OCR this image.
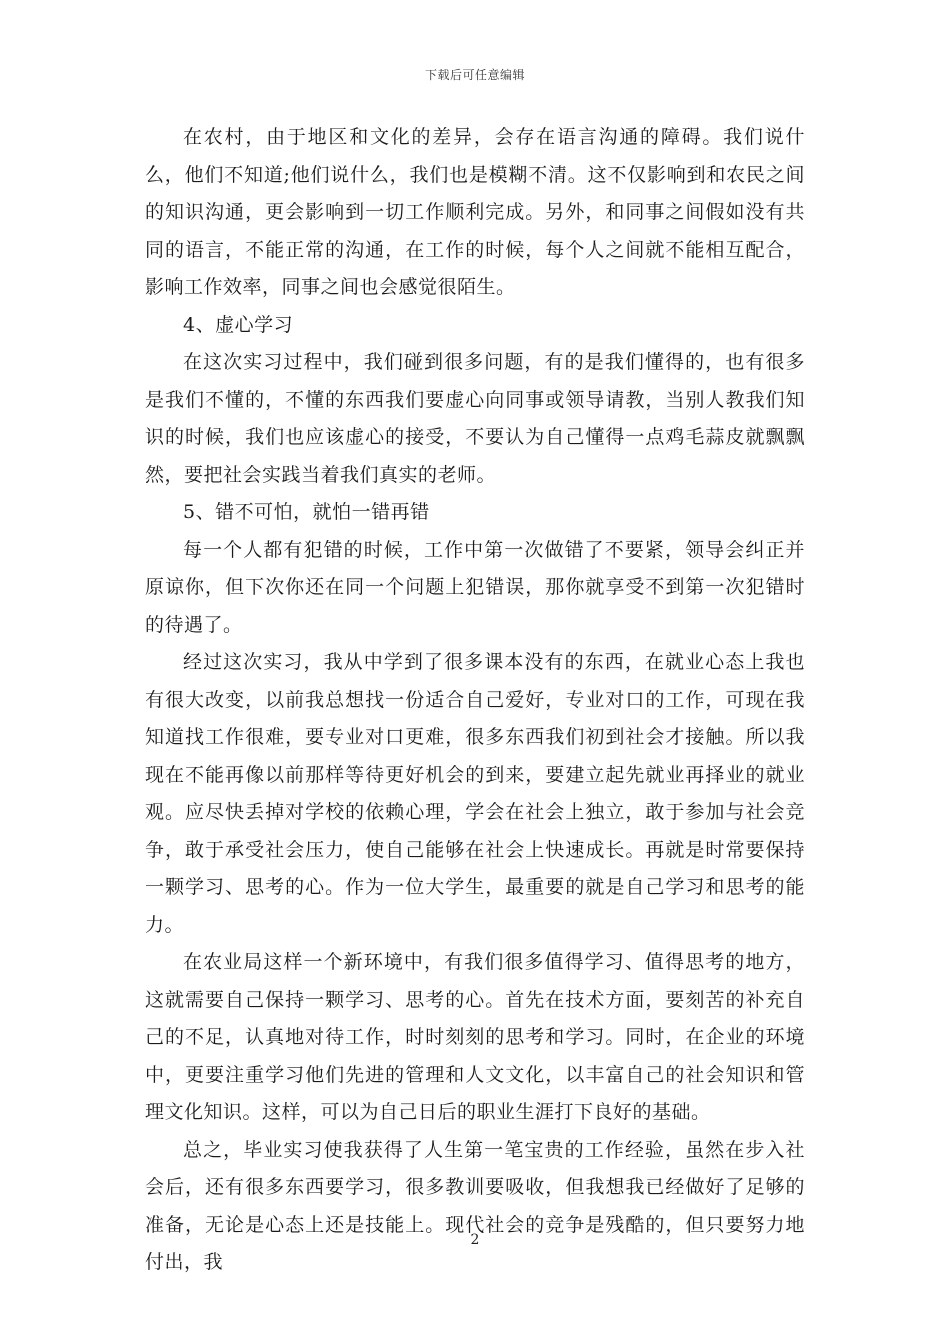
下载后可任意编辑

在农村，由于地区和文化的差异，会存在语言沟通的障碍。我们说什么，他们不知道;他们说什么，我们也是模糊不清。这不仅影响到和农民之间的知识沟通，更会影响到一切工作顺利完成。另外，和同事之间假如没有共同的语言，不能正常的沟通，在工作的时候，每个人之间就不能相互配合，影响工作效率，同事之间也会感觉很陌生。

4、虚心学习

在这次实习过程中，我们碰到很多问题，有的是我们懂得的，也有很多是我们不懂的，不懂的东西我们要虚心向同事或领导请教，当别人教我们知识的时候，我们也应该虚心的接受，不要认为自己懂得一点鸡毛蒜皮就飘飘然，要把社会实践当着我们真实的老师。

5、错不可怕，就怕一错再错

每一个人都有犯错的时候，工作中第一次做错了不要紧，领导会纠正并原谅你，但下次你还在同一个问题上犯错误，那你就享受不到第一次犯错时的待遇了。

经过这次实习，我从中学到了很多课本没有的东西，在就业心态上我也有很大改变，以前我总想找一份适合自己爱好，专业对口的工作，可现在我知道找工作很难，要专业对口更难，很多东西我们初到社会才接触。所以我现在不能再像以前那样等待更好机会的到来，要建立起先就业再择业的就业观。应尽快丢掉对学校的依赖心理，学会在社会上独立，敢于参加与社会竞争，敢于承受社会压力，使自己能够在社会上快速成长。再就是时常要保持一颗学习、思考的心。作为一位大学生，最重要的就是自己学习和思考的能力。

在农业局这样一个新环境中，有我们很多值得学习、值得思考的地方，这就需要自己保持一颗学习、思考的心。首先在技术方面，要刻苦的补充自己的不足，认真地对待工作，时时刻刻的思考和学习。同时，在企业的环境中，更要注重学习他们先进的管理和人文文化，以丰富自己的社会知识和管理文化知识。这样，可以为自己日后的职业生涯打下良好的基础。

总之，毕业实习使我获得了人生第一笔宝贵的工作经验，虽然在步入社会后，还有很多东西要学习，很多教训要吸收，但我想我已经做好了足够的准备，无论是心态上还是技能上。现代社会的竞争是残酷的，但只要努力地付出，我

2
